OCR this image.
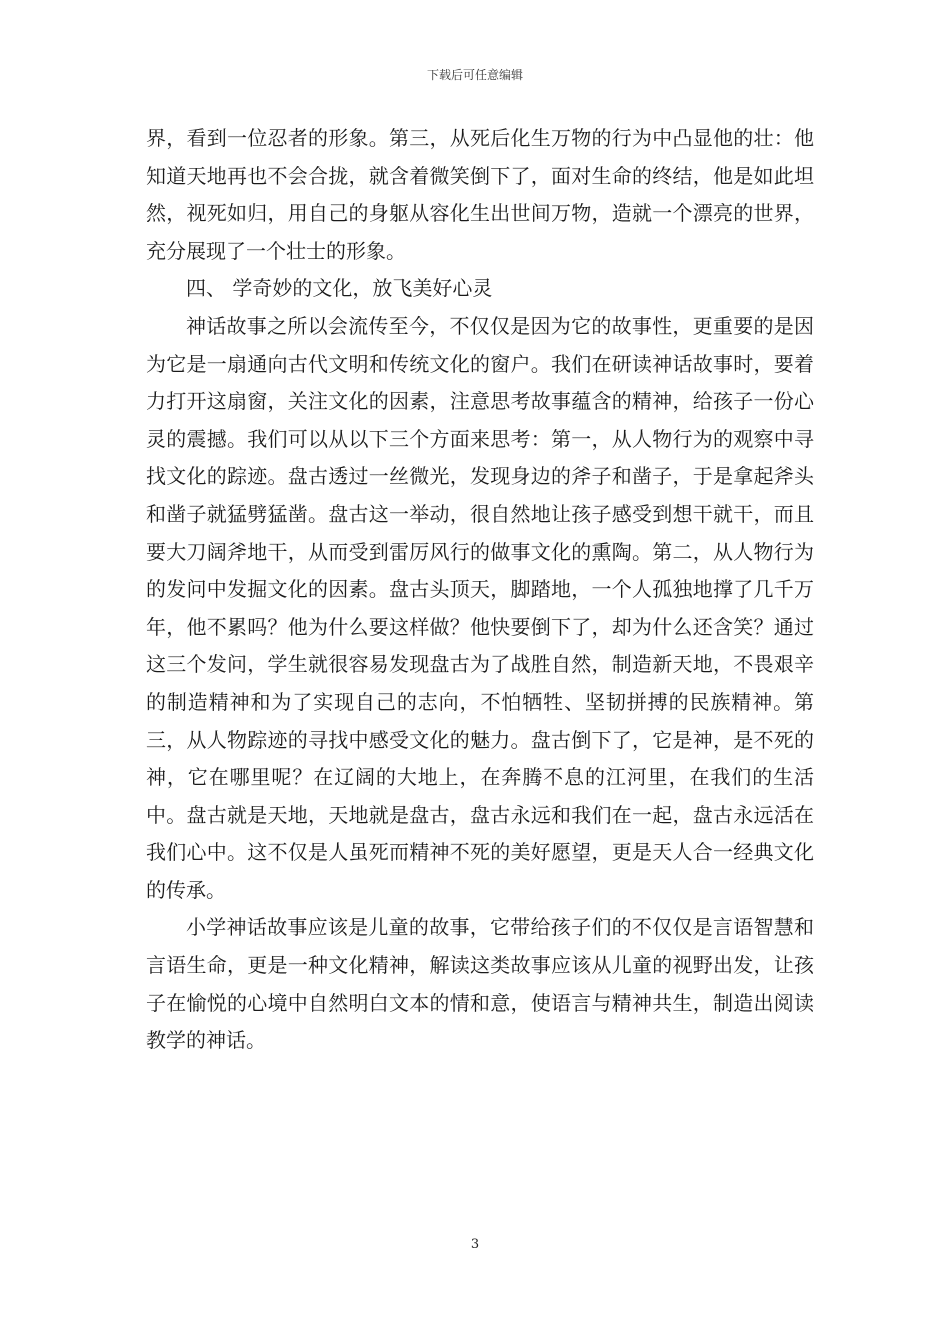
下载后可任意编辑

界，看到一位忍者的形象。第三，从死后化生万物的行为中凸显他的壮：他知道天地再也不会合拢，就含着微笑倒下了，面对生命的终结，他是如此坦然，视死如归，用自己的身躯从容化生出世间万物，造就一个漂亮的世界，充分展现了一个壮士的形象。

四、 学奇妙的文化，放飞美好心灵

神话故事之所以会流传至今，不仅仅是因为它的故事性，更重要的是因为它是一扇通向古代文明和传统文化的窗户。我们在研读神话故事时，要着力打开这扇窗，关注文化的因素，注意思考故事蕴含的精神，给孩子一份心灵的震撼。我们可以从以下三个方面来思考：第一，从人物行为的观察中寻找文化的踪迹。盘古透过一丝微光，发现身边的斧子和凿子，于是拿起斧头和凿子就猛劈猛凿。盘古这一举动，很自然地让孩子感受到想干就干，而且要大刀阔斧地干，从而受到雷厉风行的做事文化的熏陶。第二，从人物行为的发问中发掘文化的因素。盘古头顶天，脚踏地，一个人孤独地撑了几千万年，他不累吗？他为什么要这样做？他快要倒下了，却为什么还含笑？通过这三个发问，学生就很容易发现盘古为了战胜自然，制造新天地，不畏艰辛的制造精神和为了实现自己的志向，不怕牺牲、坚韧拼搏的民族精神。第三，从人物踪迹的寻找中感受文化的魅力。盘古倒下了，它是神，是不死的神，它在哪里呢？在辽阔的大地上，在奔腾不息的江河里，在我们的生活中。盘古就是天地，天地就是盘古，盘古永远和我们在一起，盘古永远活在我们心中。这不仅是人虽死而精神不死的美好愿望，更是天人合一经典文化的传承。

小学神话故事应该是儿童的故事，它带给孩子们的不仅仅是言语智慧和言语生命，更是一种文化精神，解读这类故事应该从儿童的视野出发，让孩子在愉悦的心境中自然明白文本的情和意，使语言与精神共生，制造出阅读教学的神话。

3
